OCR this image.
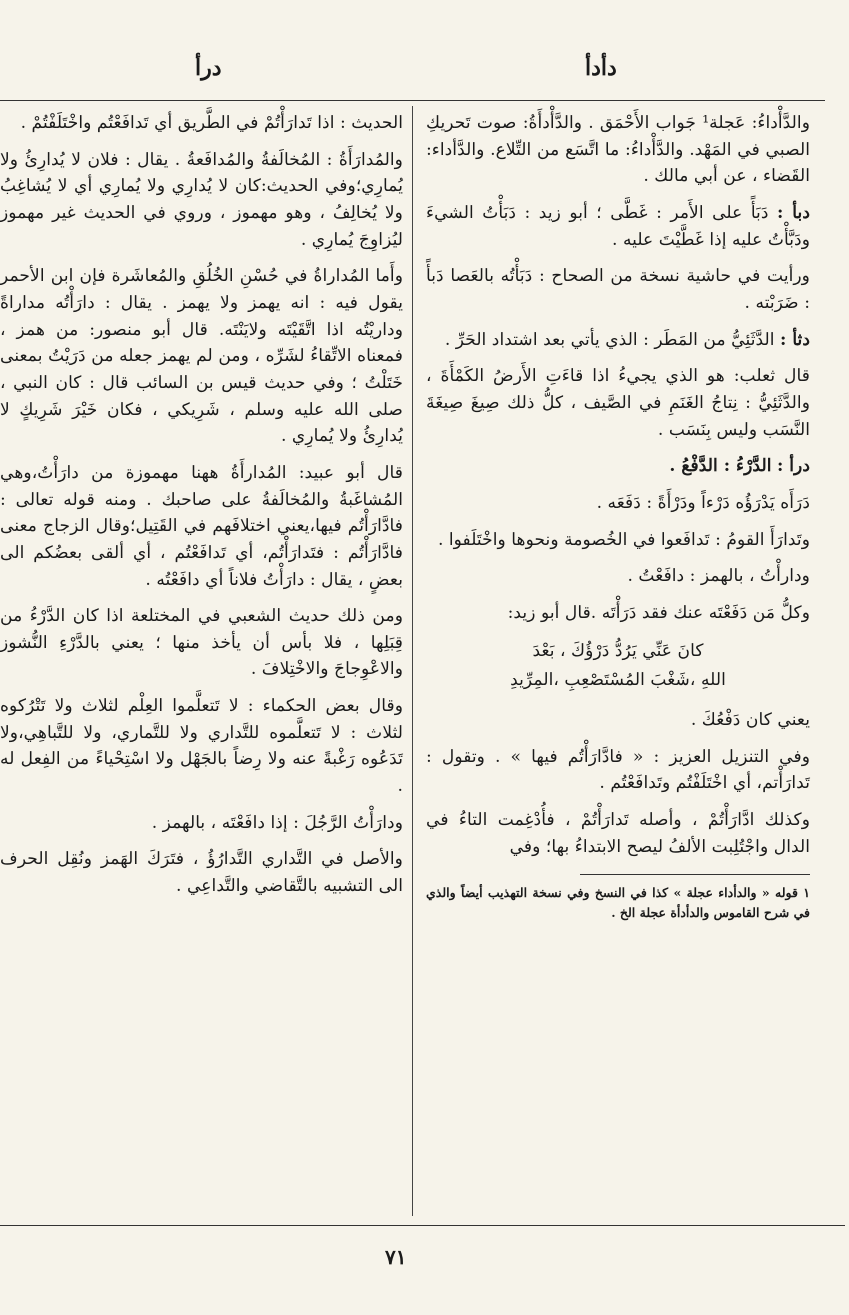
دأدأ
درأ

والدَّأْداءُ: عَجلة¹ جَواب الأَحْمَق . والدَّأْدأَةُ: صوت تَحريكِ الصبي في المَهْد. والدَّأْداءُ: ما اتَّسَع من التِّلاع. والدَّأداء: القَضاء ، عن أبي مالك .

دبأ : دَبَأً على الأَمر : غَطَّى ؛ أبو زيد : دَبَأْتُ الشيءَ ودَبَّأْتُ عليه إذا غَطَّيْتَ عليه .

ورأيت في حاشية نسخة من الصحاح : دَبَأْتُه بالعَصا دَبأً : ضَرَبْته .

دثأ : الدَّثَئِيُّ من المَطَر : الذي يأتي بعد اشتداد الحَرِّ .

قال ثعلب: هو الذي يجيءُ اذا قاءَتِ الأَرضُ الكَمْأَةَ ، والدَّثَئِيُّ : نِتاجُ الغَنَمِ في الصَّيف ، كلُّ ذلك صِيغَ صِيغَةَ النَّسَب وليس بِنَسَب .

درأ : الدَّرْءُ : الدَّفْعُ .

دَرَأَه يَدْرَؤُه دَرْءاً ودَرْأَةً : دَفَعَه .

وتَدارَأَ القومُ : تَدافَعوا في الخُصومة ونحوها واخْتَلَفوا .

ودارأْتُ ، بالهمز : دافَعْتُ .

وكلُّ مَن دَفَعْتَه عنك فقد دَرَأْتَه .قال أبو زيد:

كانَ عَنِّي يَرُدُّ دَرْؤُكَ ، بَعْدَ
اللهِ ،شَغْبَ المُسْتَصْعِبِ ،المِرِّيدِ

يعني كان دَفْعُكَ .

وفي التنزيل العزيز : « فادَّارَأْتُم فيها » . وتقول : تَدارَأْتم، أي اخْتَلَفْتُم وتَدافَعْتُم .

وكذلك ادَّارَأْتُمْ ، وأصله تَدارَأْتُمْ ، فأُدْغِمت التاءُ في الدال واجْتُلِبت الألفُ ليصح الابتداءُ بها؛ وفي

١ قوله « والدأداء عجلة » كذا في النسخ وفي نسخة التهذيب أيضاً والذي في شرح القاموس والدأدأة عجلة الخ .

الحديث : اذا تَدارَأْتُمْ في الطَّريق أي تَدافَعْتُم واخْتَلَفْتُمْ .

والمُدارَأَةُ : المُخالَفةُ والمُدافَعةُ . يقال : فلان لا يُدارِئُ ولا يُمارِي؛وفي الحديث:كان لا يُدارِي ولا يُمارِي أي لا يُشاغِبُ ولا يُخالِفُ ، وهو مهموز ، وروي في الحديث غير مهموز ليُزاوِجَ يُمارِي .

وأَما المُداراةُ في حُسْنِ الخُلُقِ والمُعاشَرة فإن ابن الأحمر يقول فيه : انه يهمز ولا يهمز . يقال : دارَأْتُه مداراةً وداريْتُه اذا اتَّقَيْتَه ولايَنْتَه. قال أبو منصور: من همز ، فمعناه الاتِّقاءُ لشَرِّه ، ومن لم يهمز جعله من دَرَيْتُ بمعنى خَتَلْتُ ؛ وفي حديث قيس بن السائب قال : كان النبي ، صلى الله عليه وسلم ، شَرِيكي ، فكان خَيْرَ شَرِيكٍ لا يُدارِئُ ولا يُمارِي .

قال أبو عبيد: المُدارأَةُ ههنا مهموزة من دارَأْتُ،وهي المُشاغَبةُ والمُخالَفةُ على صاحبك . ومنه قوله تعالى : فادَّارَأْتُم فيها،يعني اختلافَهم في القَتِيل؛وقال الزجاج معنى فادَّارَأْتُم : فتَدارَأْتُم، أي تَدافَعْتُم ، أي ألقى بعضُكم الى بعضٍ ، يقال : دارَأْتُ فلاناً أي دافَعْتُه .

ومن ذلك حديث الشعبي في المختلعة اذا كان الدَّرْءُ من قِبَلِها ، فلا بأس أن يأخذ منها ؛ يعني بالدَّرْءِ النُّشوز والاعْوِجاجَ والاخْتِلافَ .

وقال بعض الحكماء : لا تَتعلَّموا العِلْم لثلاث ولا تَتْرُكوه لثلاث : لا تَتعلَّموه للتَّداري ولا للتَّماري، ولا للتَّباهِي،ولا تَدَعُوه رَغْبةً عنه ولا رِضاً بالجَهْل ولا اسْتِحْياءً من الفِعل له .

ودارَأْتُ الرَّجُلَ : إذا دافَعْتَه ، بالهمز .

والأصل في التَّداري التَّدارُؤُ ، فتَرَكَ الهَمز ونُقِل الحرف الى التشبيه بالتَّقاضي والتَّداعِي .

٧١
